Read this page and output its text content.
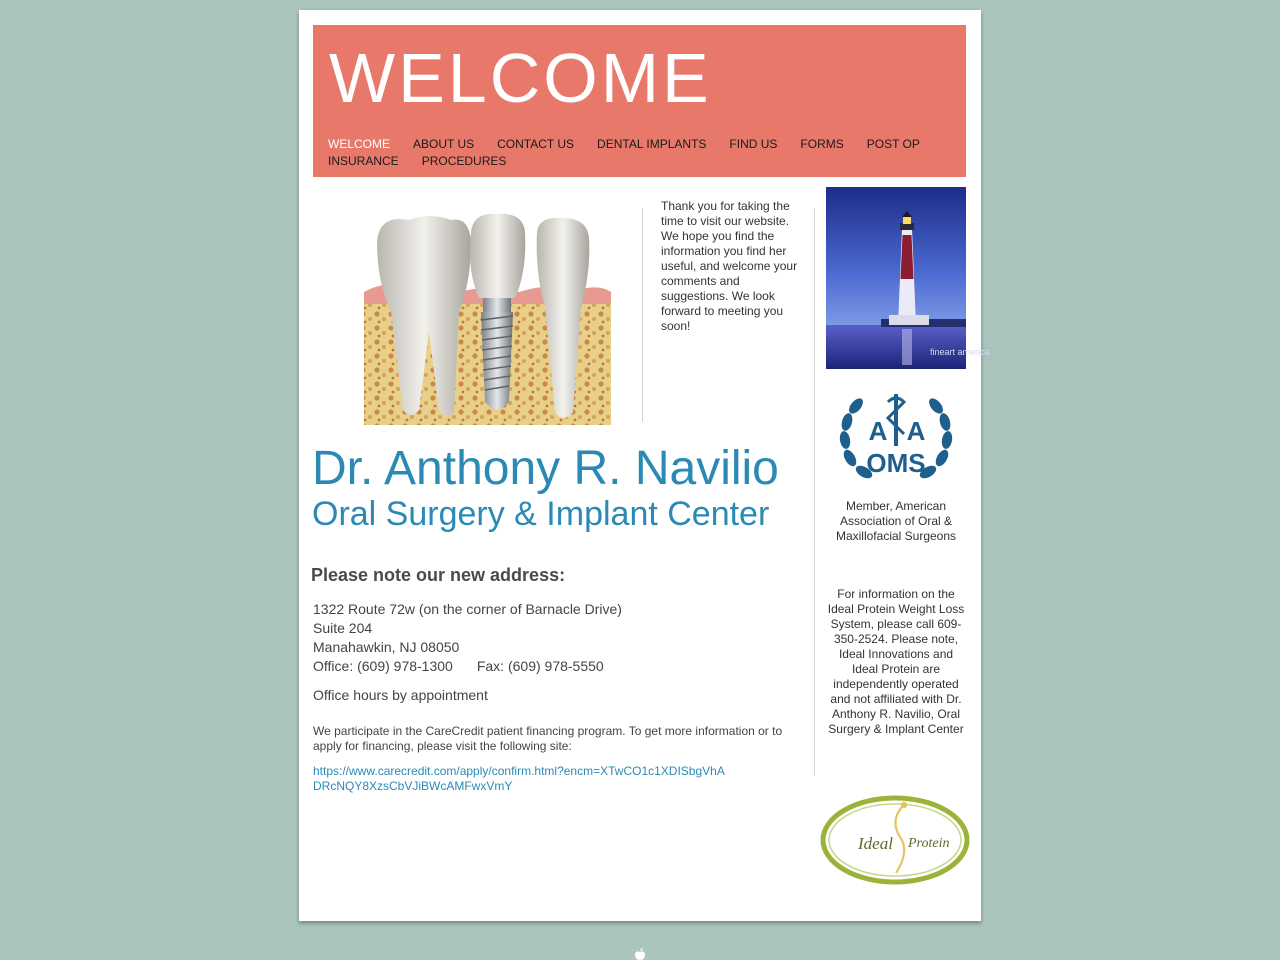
WELCOME
WELCOME ABOUT US CONTACT US DENTAL IMPLANTS FIND US FORMS POST OPINSURANCE PROCEDURES
Thank you for taking the time to visit our website. We hope you find the information you find her useful, and welcome your comments and suggestions. We look forward to meeting you soon!
Dr. Anthony R. Navilio
Oral Surgery & Implant Center
Please note our new address:
1322 Route 72w (on the corner of Barnacle Drive)
Suite 204
Manahawkin, NJ 08050
Office: (609) 978-1300 Fax: (609) 978-5550
Office hours by appointment
We participate in the CareCredit patient financing program. To get more information or to apply for financing, please visit the following site:
https://www.carecredit.com/apply/confirm.html?encm=XTwCO1c1XDISbgVhADRcNQY8XzsCbVJiBWcAMFwxVmY
fineart america
A A
OMS
Member, American Association of Oral & Maxillofacial Surgeons
For information on the Ideal Protein Weight Loss System, please call 609-350-2524. Please note, Ideal Innovations and Ideal Protein are independently operated and not affiliated with Dr. Anthony R. Navilio, Oral Surgery & Implant Center
Ideal Protein
